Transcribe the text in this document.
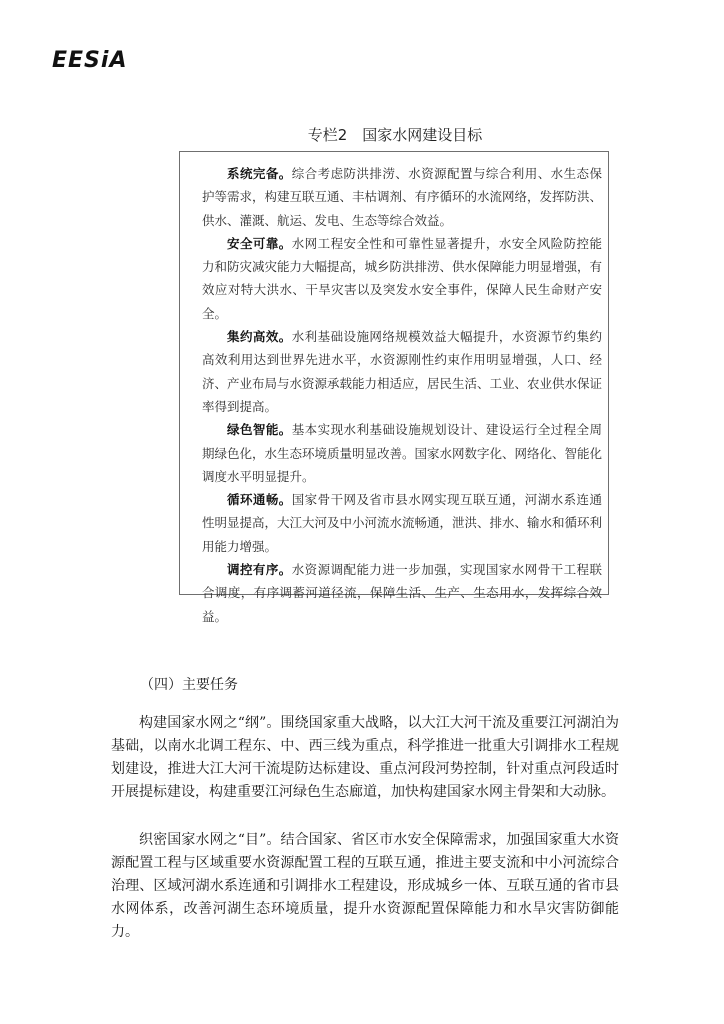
EESiA
专栏2　国家水网建设目标

系统完备。综合考虑防洪排涝、水资源配置与综合利用、水生态保护等需求，构建互联互通、丰枯调剂、有序循环的水流网络，发挥防洪、供水、灌溉、航运、发电、生态等综合效益。

安全可靠。水网工程安全性和可靠性显著提升，水安全风险防控能力和防灾减灾能力大幅提高，城乡防洪排涝、供水保障能力明显增强，有效应对特大洪水、干旱灾害以及突发水安全事件，保障人民生命财产安全。

集约高效。水利基础设施网络规模效益大幅提升，水资源节约集约高效利用达到世界先进水平，水资源刚性约束作用明显增强，人口、经济、产业布局与水资源承载能力相适应，居民生活、工业、农业供水保证率得到提高。

绿色智能。基本实现水利基础设施规划设计、建设运行全过程全周期绿色化，水生态环境质量明显改善。国家水网数字化、网络化、智能化调度水平明显提升。

循环通畅。国家骨干网及省市县水网实现互联互通，河湖水系连通性明显提高，大江大河及中小河流水流畅通，泄洪、排水、输水和循环利用能力增强。

调控有序。水资源调配能力进一步加强，实现国家水网骨干工程联合调度，有序调蓄河道径流，保障生活、生产、生态用水，发挥综合效益。

（四）主要任务

构建国家水网之“纲”。围绕国家重大战略，以大江大河干流及重要江河湖泊为基础，以南水北调工程东、中、西三线为重点，科学推进一批重大引调排水工程规划建设，推进大江大河干流堤防达标建设、重点河段河势控制，针对重点河段适时开展提标建设，构建重要江河绿色生态廊道，加快构建国家水网主骨架和大动脉。

织密国家水网之“目”。结合国家、省区市水安全保障需求，加强国家重大水资源配置工程与区域重要水资源配置工程的互联互通，推进主要支流和中小河流综合治理、区域河湖水系连通和引调排水工程建设，形成城乡一体、互联互通的省市县水网体系，改善河湖生态环境质量，提升水资源配置保障能力和水旱灾害防御能力。
